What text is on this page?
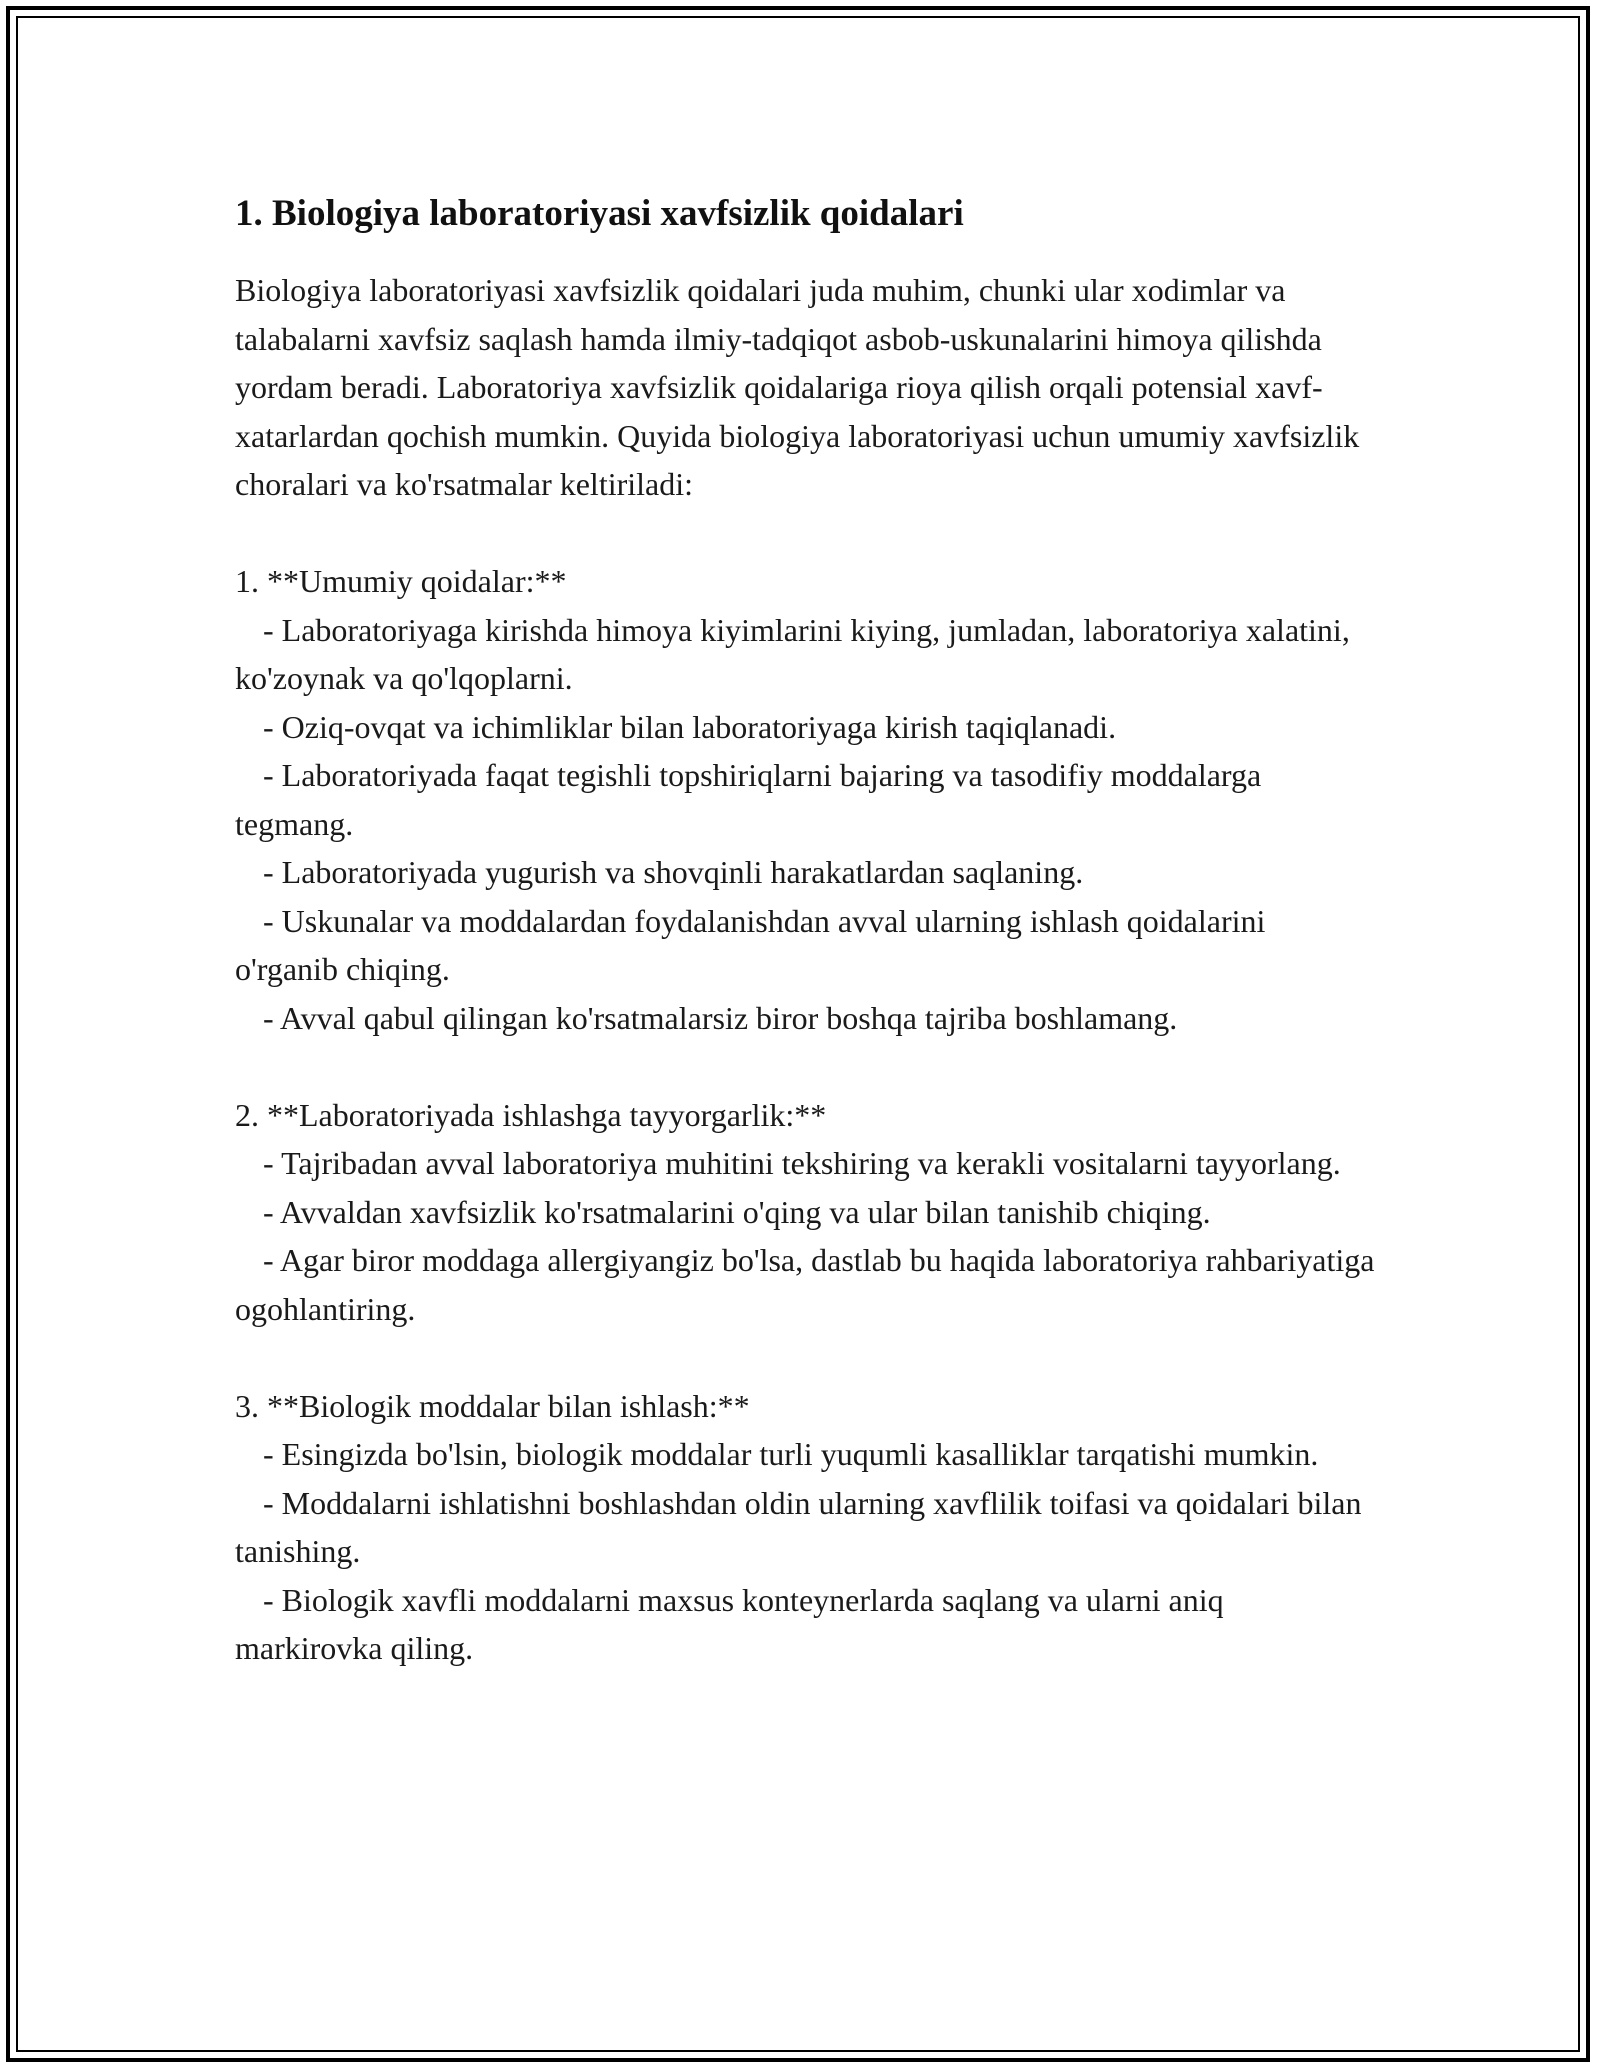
1. Biologiya laboratoriyasi xavfsizlik qoidalari

Biologiya laboratoriyasi xavfsizlik qoidalari juda muhim, chunki ular xodimlar va talabalarni xavfsiz saqlash hamda ilmiy-tadqiqot asbob-uskunalarini himoya qilishda yordam beradi. Laboratoriya xavfsizlik qoidalariga rioya qilish orqali potensial xavf-xatarlardan qochish mumkin. Quyida biologiya laboratoriyasi uchun umumiy xavfsizlik choralari va ko'rsatmalar keltiriladi:

1. **Umumiy qoidalar:**

- Laboratoriyaga kirishda himoya kiyimlarini kiying, jumladan, laboratoriya xalatini, ko'zoynak va qo'lqoplarni.

- Oziq-ovqat va ichimliklar bilan laboratoriyaga kirish taqiqlanadi.

- Laboratoriyada faqat tegishli topshiriqlarni bajaring va tasodifiy moddalarga tegmang.

- Laboratoriyada yugurish va shovqinli harakatlardan saqlaning.

- Uskunalar va moddalardan foydalanishdan avval ularning ishlash qoidalarini o'rganib chiqing.

- Avval qabul qilingan ko'rsatmalarsiz biror boshqa tajriba boshlamang.

2. **Laboratoriyada ishlashga tayyorgarlik:**

- Tajribadan avval laboratoriya muhitini tekshiring va kerakli vositalarni tayyorlang.

- Avvaldan xavfsizlik ko'rsatmalarini o'qing va ular bilan tanishib chiqing.

- Agar biror moddaga allergiyangiz bo'lsa, dastlab bu haqida laboratoriya rahbariyatiga ogohlantiring.

3. **Biologik moddalar bilan ishlash:**

- Esingizda bo'lsin, biologik moddalar turli yuqumli kasalliklar tarqatishi mumkin.

- Moddalarni ishlatishni boshlashdan oldin ularning xavflilik toifasi va qoidalari bilan tanishing.

- Biologik xavfli moddalarni maxsus konteynerlarda saqlang va ularni aniq markirovka qiling.
